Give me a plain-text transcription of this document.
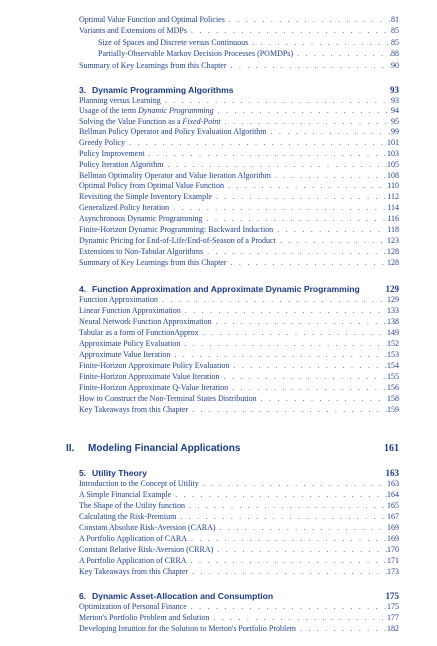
Optimal Value Function and Optimal Policies . . .	81
Variants and Extensions of MDPs . . .	85
Size of Spaces and Discrete versus Continuous . . .	85
Partially-Observable Markov Decision Processes (POMDPs) . . .	88
Summary of Key Learnings from this Chapter . . .	90
3. Dynamic Programming Algorithms	93
Planning versus Learning . . .	93
Usage of the term Dynamic Programming . . .	94
Solving the Value Function as a Fixed-Point . . .	95
Bellman Policy Operator and Policy Evaluation Algorithm . . .	99
Greedy Policy . . .	101
Policy Improvement . . .	103
Policy Iteration Algorithm . . .	105
Bellman Optimality Operator and Value Iteration Algorithm . . .	108
Optimal Policy from Optimal Value Function . . .	110
Revisiting the Simple Inventory Example . . .	112
Generalized Policy Iteration . . .	114
Asynchronous Dynamic Programming . . .	116
Finite-Horizon Dynamic Programming: Backward Induction . . .	118
Dynamic Pricing for End-of-Life/End-of-Season of a Product . . .	123
Extensions to Non-Tabular Algorithms . . .	128
Summary of Key Learnings from this Chapter . . .	128
4. Function Approximation and Approximate Dynamic Programming	129
Function Approximation . . .	129
Linear Function Approximation . . .	133
Neural Network Function Approximation . . .	138
Tabular as a form of FunctionApprox . . .	149
Approximate Policy Evaluation . . .	152
Approximate Value Iteration . . .	153
Finite-Horizon Approximate Policy Evaluation . . .	154
Finite-Horizon Approximate Value Iteration . . .	155
Finite-Horizon Approximate Q-Value Iteration . . .	156
How to Construct the Non-Terminal States Distribution . . .	158
Key Takeaways from this Chapter . . .	159
II.	Modeling Financial Applications	161
5. Utility Theory	163
Introduction to the Concept of Utility . . .	163
A Simple Financial Example . . .	164
The Shape of the Utility function . . .	165
Calculating the Risk-Premium . . .	167
Constant Absolute Risk-Aversion (CARA) . . .	169
A Portfolio Application of CARA . . .	169
Constant Relative Risk-Aversion (CRRA) . . .	170
A Portfolio Application of CRRA . . .	171
Key Takeaways from this Chapter . . .	173
6. Dynamic Asset-Allocation and Consumption	175
Optimization of Personal Finance . . .	175
Merton's Portfolio Problem and Solution . . .	177
Developing Intuition for the Solution to Merton's Portfolio Problem . . .	182
